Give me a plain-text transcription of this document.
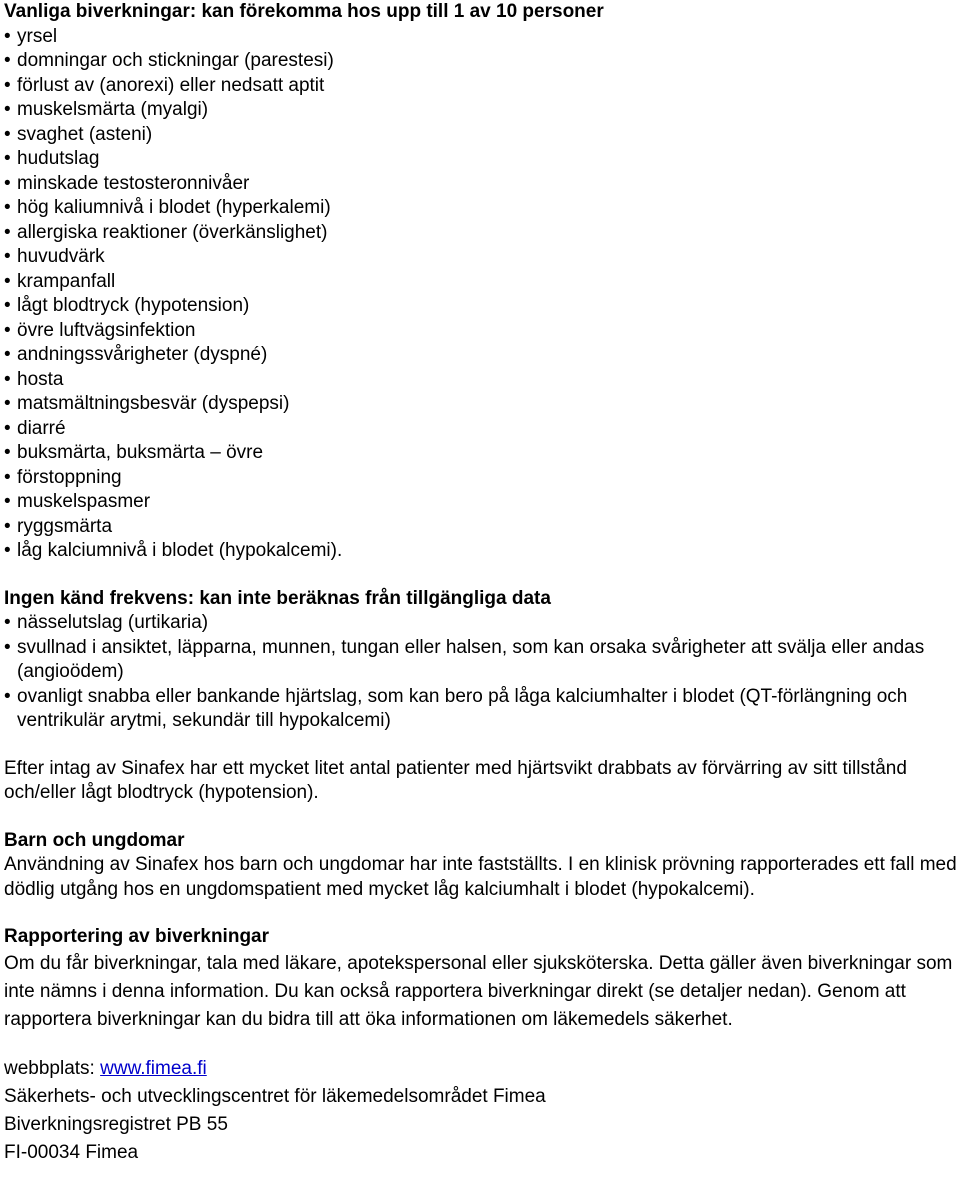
Vanliga biverkningar: kan förekomma hos upp till 1 av 10 personer

• yrsel
• domningar och stickningar (parestesi)
• förlust av (anorexi) eller nedsatt aptit
• muskelsmärta (myalgi)
• svaghet (asteni)
• hudutslag
• minskade testosteronnivåer
• hög kaliumnivå i blodet (hyperkalemi)
• allergiska reaktioner (överkänslighet)
• huvudvärk
• krampanfall
• lågt blodtryck (hypotension)
• övre luftvägsinfektion
• andningssvårigheter (dyspné)
• hosta
• matsmältningsbesvär (dyspepsi)
• diarré
• buksmärta, buksmärta – övre
• förstoppning
• muskelspasmer
• ryggsmärta
• låg kalciumnivå i blodet (hypokalcemi).

Ingen känd frekvens: kan inte beräknas från tillgängliga data

• nässelutslag (urtikaria)
• svullnad i ansiktet, läpparna, munnen, tungan eller halsen, som kan orsaka svårigheter att svälja eller andas (angioödem)
• ovanligt snabba eller bankande hjärtslag, som kan bero på låga kalciumhalter i blodet (QT-förlängning och ventrikulär arytmi, sekundär till hypokalcemi)

Efter intag av Sinafex har ett mycket litet antal patienter med hjärtsvikt drabbats av förvärring av sitt tillstånd och/eller lågt blodtryck (hypotension).

Barn och ungdomar

Användning av Sinafex hos barn och ungdomar har inte fastställts. I en klinisk prövning rapporterades ett fall med dödlig utgång hos en ungdomspatient med mycket låg kalciumhalt i blodet (hypokalcemi).

Rapportering av biverkningar

Om du får biverkningar, tala med läkare, apotekspersonal eller sjuksköterska. Detta gäller även biverkningar som inte nämns i denna information. Du kan också rapportera biverkningar direkt (se detaljer nedan). Genom att rapportera biverkningar kan du bidra till att öka informationen om läkemedels säkerhet.

webbplats: www.fimea.fi

Säkerhets- och utvecklingscentret för läkemedelsområdet Fimea

Biverkningsregistret PB 55

FI-00034 Fimea
